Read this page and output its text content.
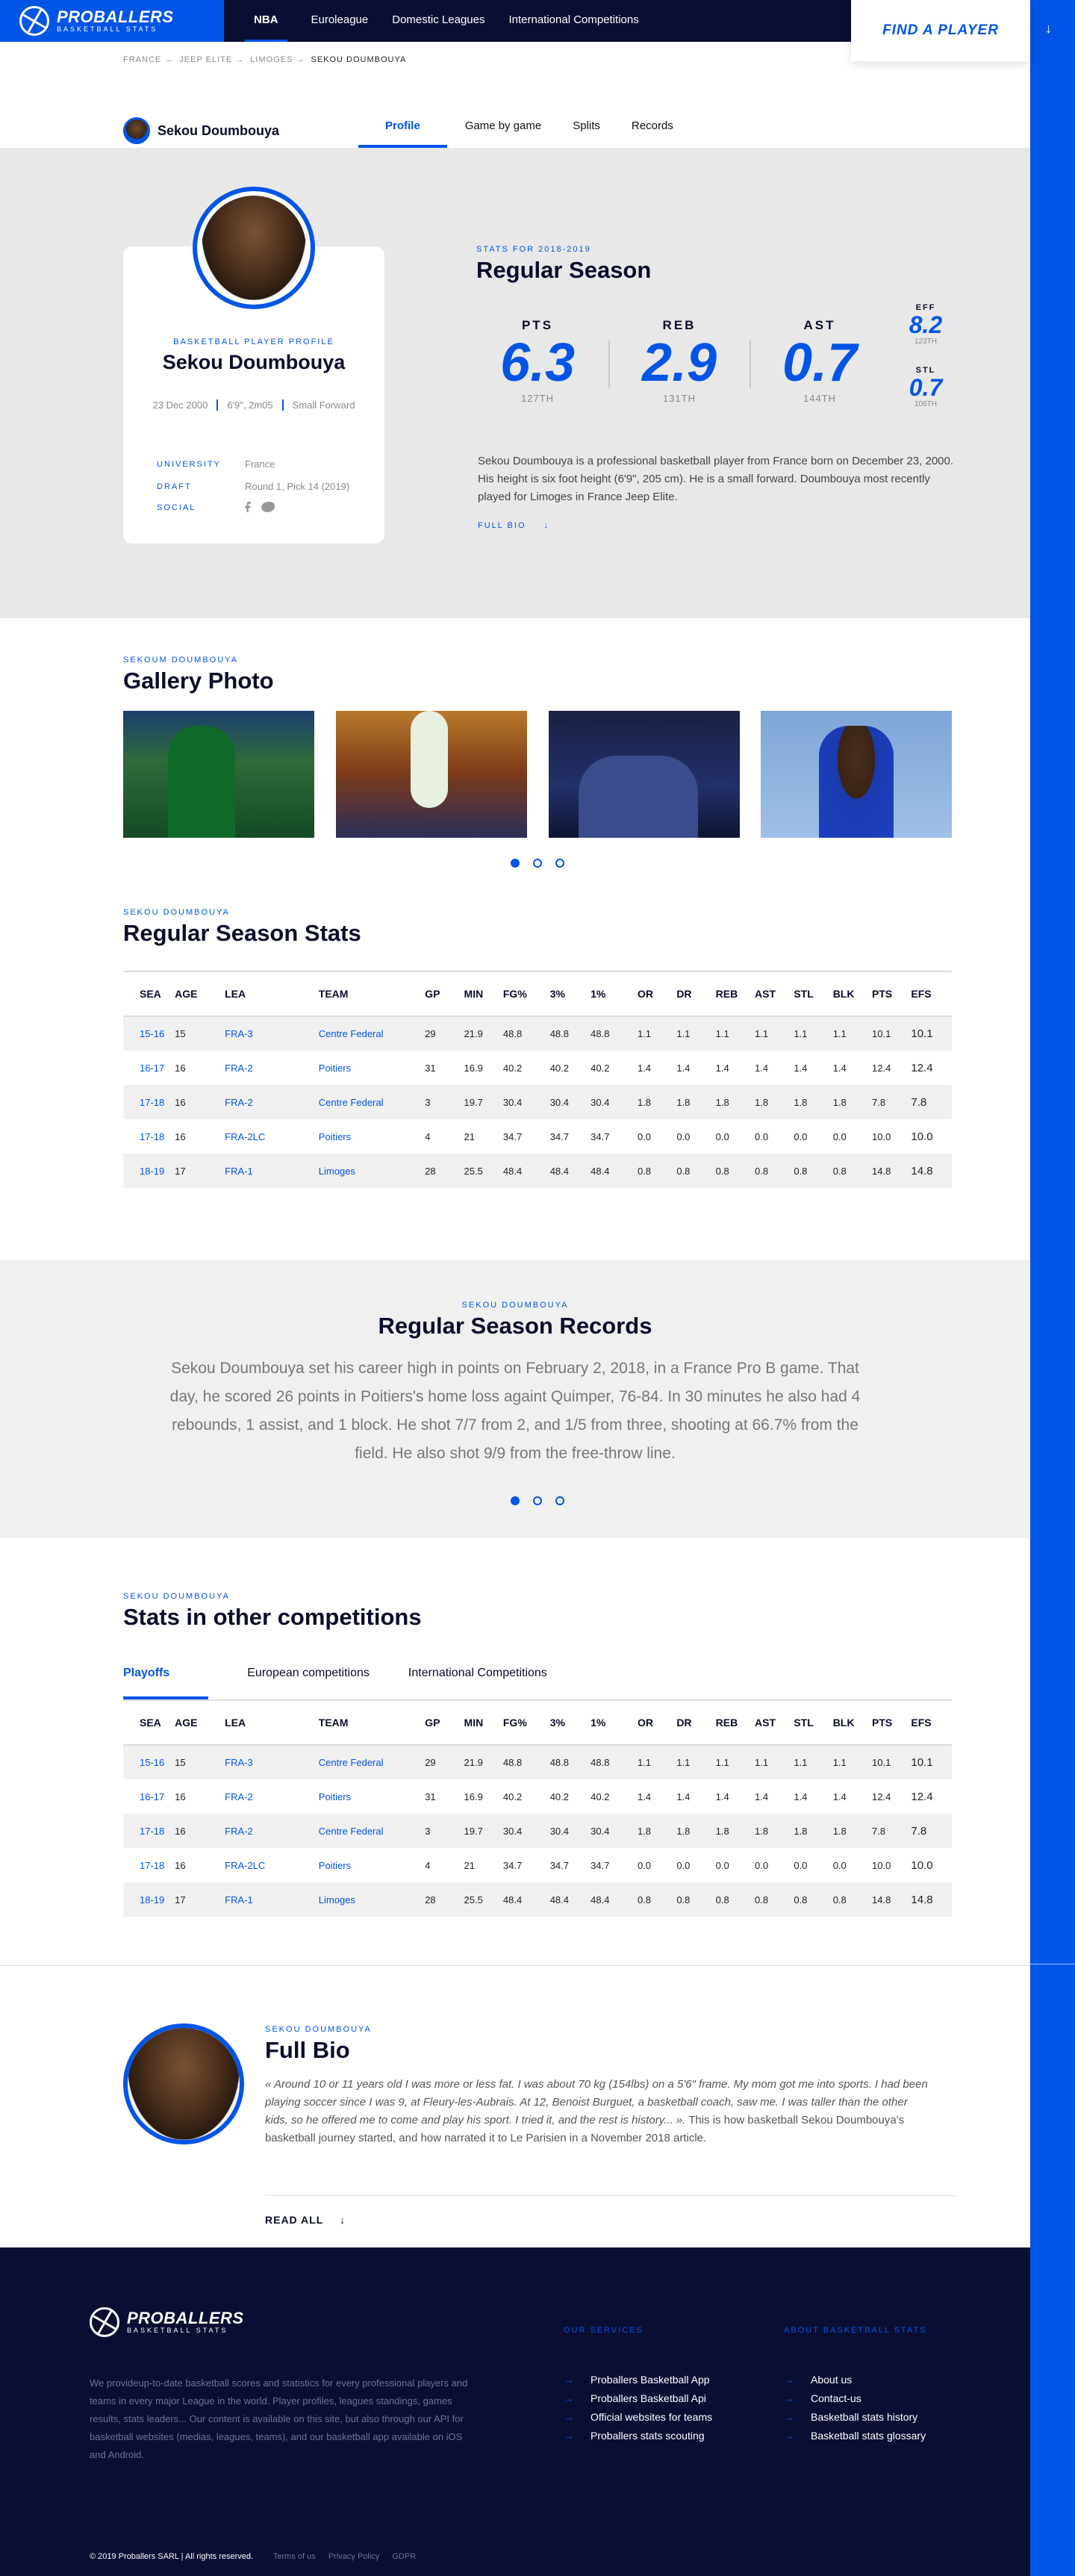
↓
PROBALLERS
BASKETBALL STATS
NBA	Euroleague Domestic Leagues International Competitions
FIND A PLAYER
FRANCE → JEEP ELITE → LIMOGES → SEKOU DOUMBOUYA
Sekou Doumbouya	Profile	Game by game	Splits	Records
BASKETBALL PLAYER PROFILE
Sekou Doumbouya
23 Dec 2000	6'9", 2m05	Small Forward
UNIVERSITY	France
DRAFT	Round 1, Pick 14 (2019)
SOCIAL
STATS FOR 2018-2019
Regular Season
PTS
6.3
127TH
REB
2.9
131TH
AST
0.7
144TH
EFF
8.2
123TH
STL
0.7
106TH
Sekou Doumbouya is a professional basketball player from France born on December 23, 2000. His height is six foot height (6'9", 205 cm). He is a small forward. Doumbouya most recently played for Limoges in France Jeep Elite.
FULL BIO ↓
SEKOUM DOUMBOUYA
Gallery Photo
SEKOU DOUMBOUYA
Regular Season Stats
SEA	AGE	LEA	TEAM	GP	MIN	FG%	3%	1%	OR	DR	REB	AST	STL	BLK	PTS	EFS
15-16	15	FRA-3	Centre Federal	29	21.9	48.8	48.8	48.8	1.1	1.1	1.1	1.1	1.1	1.1	10.1	10.1
16-17	16	FRA-2	Poitiers	31	16.9	40.2	40.2	40.2	1.4	1.4	1.4	1.4	1.4	1.4	12.4	12.4
17-18	16	FRA-2	Centre Federal	3	19.7	30.4	30.4	30.4	1.8	1.8	1.8	1.8	1.8	1.8	7.8	7.8
17-18	16	FRA-2LC	Poitiers	4	21	34.7	34.7	34.7	0.0	0.0	0.0	0.0	0.0	0.0	10.0	10.0
18-19	17	FRA-1	Limoges	28	25.5	48.4	48.4	48.4	0.8	0.8	0.8	0.8	0.8	0.8	14.8	14.8
SEKOU DOUMBOUYA
Regular Season Records
Sekou Doumbouya set his career high in points on February 2, 2018, in a France Pro B game. That day, he scored 26 points in Poitiers's home loss againt Quimper, 76-84. In 30 minutes he also had 4 rebounds, 1 assist, and 1 block. He shot 7/7 from 2, and 1/5 from three, shooting at 66.7% from the field. He also shot 9/9 from the free-throw line.
SEKOU DOUMBOUYA
Stats in other competitions
Playoffs	European competitions	International Competitions
SEA	AGE	LEA	TEAM	GP	MIN	FG%	3%	1%	OR	DR	REB	AST	STL	BLK	PTS	EFS
15-16	15	FRA-3	Centre Federal	29	21.9	48.8	48.8	48.8	1.1	1.1	1.1	1.1	1.1	1.1	10.1	10.1
16-17	16	FRA-2	Poitiers	31	16.9	40.2	40.2	40.2	1.4	1.4	1.4	1.4	1.4	1.4	12.4	12.4
17-18	16	FRA-2	Centre Federal	3	19.7	30.4	30.4	30.4	1.8	1.8	1.8	1.8	1.8	1.8	7.8	7.8
17-18	16	FRA-2LC	Poitiers	4	21	34.7	34.7	34.7	0.0	0.0	0.0	0.0	0.0	0.0	10.0	10.0
18-19	17	FRA-1	Limoges	28	25.5	48.4	48.4	48.4	0.8	0.8	0.8	0.8	0.8	0.8	14.8	14.8
SEKOU DOUMBOUYA
Full Bio
« Around 10 or 11 years old I was more or less fat. I was about 70 kg (154lbs) on a 5'6" frame. My mom got me into sports. I had been playing soccer since I was 9, at Fleury-les-Aubrais. At 12, Benoist Burguet, a basketball coach, saw me. I was taller than the other kids, so he offered me to come and play his sport. I tried it, and the rest is history... ». This is how basketball Sekou Doumbouya's basketball journey started, and how narrated it to Le Parisien in a November 2018 article.
READ ALL ↓
PROBALLERS
BASKETBALL STATS
We provideup-to-date basketball scores and statistics for every professional players and teams in every major League in the world. Player profiles, leagues standings, games results, stats leaders... Our content is available on this site, but also through our API for basketball websites (medias, leagues, teams), and our basketball app available on iOS and Android.
OUR SERVICES
→ Proballers Basketball App
→ Proballers Basketball Api
→ Official websites for teams
→ Proballers stats scouting
ABOUT BASKETBALL STATS
→ About us
→ Contact-us
→ Basketball stats history
→ Basketball stats glossary
© 2019 Proballers SARL | All rights reserved. Terms of us Privacy Policy GDPR
